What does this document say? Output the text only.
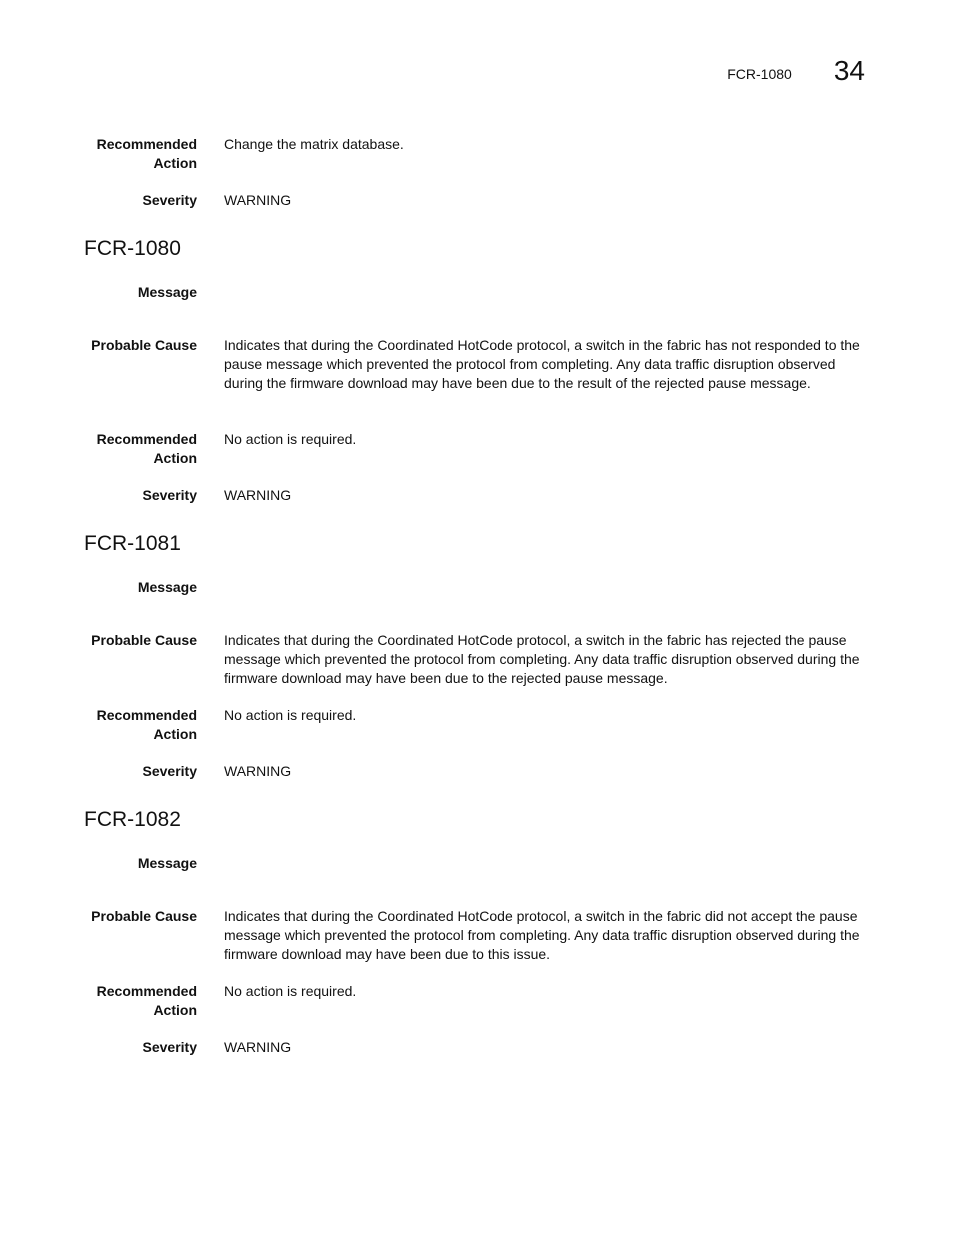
FCR-1080 34
Recommended Action
Change the matrix database.
Severity WARNING
FCR-1080
Message
Probable Cause Indicates that during the Coordinated HotCode protocol, a switch in the fabric has not responded to the pause message which prevented the protocol from completing. Any data traffic disruption observed during the firmware download may have been due to the result of the rejected pause message.
Recommended Action
No action is required.
Severity WARNING
FCR-1081
Message
Probable Cause Indicates that during the Coordinated HotCode protocol, a switch in the fabric has rejected the pause message which prevented the protocol from completing. Any data traffic disruption observed during the firmware download may have been due to the rejected pause message.
Recommended Action
No action is required.
Severity WARNING
FCR-1082
Message
Probable Cause Indicates that during the Coordinated HotCode protocol, a switch in the fabric did not accept the pause message which prevented the protocol from completing. Any data traffic disruption observed during the firmware download may have been due to this issue.
Recommended Action
No action is required.
Severity WARNING
